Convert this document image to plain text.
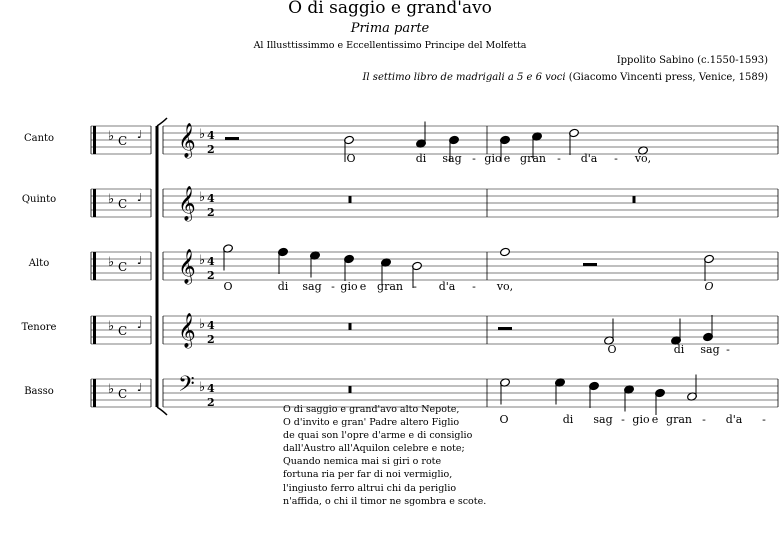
O di saggio e grand'avo
Prima parte
Al Illusttissimmo e Eccellentissimo Principe del Molfetta
Ippolito Sabino (c.1550-1593)
Il settimo libro de madrigali a 5 e 6 voci (Giacomo Vincenti press, Venice, 1589)
Canto
Quinto
Alto
Tenore
Basso
♭ C ♩
♭ C ♩
♭ C ♩
♭ C ♩
♭ C ♩
𝄞 ♭ 4
2
𝄞 ♭ 4
2
𝄞 ♭ 4
2
𝄞 ♭ 4
2
𝄢 ♭ 4
2
O	di sag - gio e gran - d'a - vo,
O	di sag - gio e gran - d'a - vo,	O
O	di sag -
O	di sag - gio e gran - d'a -
O di saggio e grand'avo alto Nepote,
O d'invito e gran' Padre altero Figlio
de quai son l'opre d'arme e di consiglio
dall'Austro all'Aquilon celebre e note;
Quando nemica mai si giri o rote
fortuna ria per far di noi vermiglio,
l'ingiusto ferro altrui chi da periglio
n'affida, o chi il timor ne sgombra e scote.
